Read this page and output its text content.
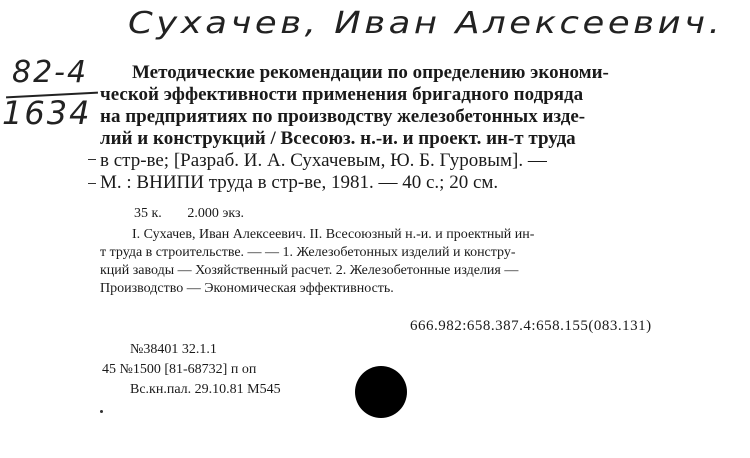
Сухачев, Иван Алексеевич.
82-4
1634
Методические рекомендации по определению экономи-
ческой эффективности применения бригадного подряда
на предприятиях по производству железобетонных изде-
лий и конструкций / Всесоюз. н.-и. и проект. ин-т труда
в стр-ве; [Разраб. И. А. Сухачевым, Ю. Б. Гуровым]. —
М. : ВНИПИ труда в стр-ве, 1981. — 40 с.; 20 см.
35 к. 2.000 экз.
I. Сухачев, Иван Алексеевич. II. Всесоюзный н.-и. и проектный ин-
т труда в строительстве. — — 1. Железобетонных изделий и констру-
кций заводы — Хозяйственный расчет. 2. Железобетонные изделия —
Производство — Экономическая эффективность.
666.982:658.387.4:658.155(083.131)
№38401 32.1.1
45 №1500 [81-68732] п оп
Вс.кн.пал. 29.10.81 М545
